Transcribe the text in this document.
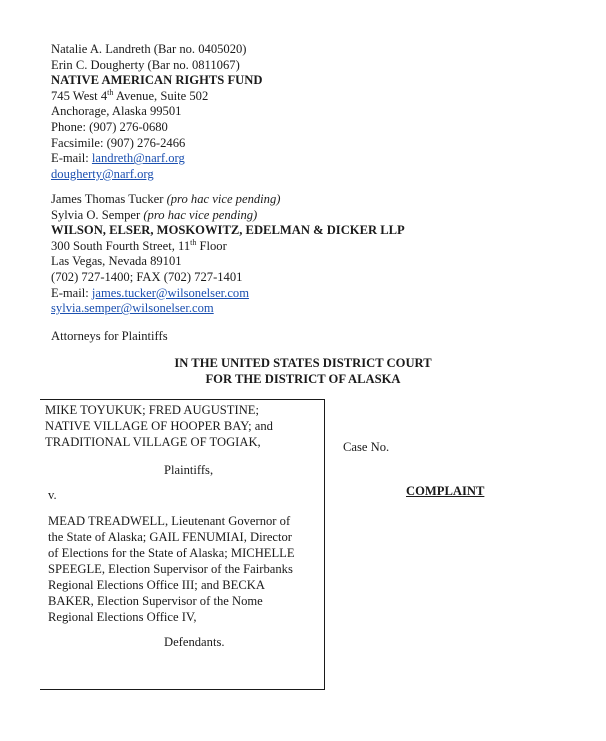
Natalie A. Landreth (Bar no. 0405020)
Erin C. Dougherty (Bar no. 0811067)
NATIVE AMERICAN RIGHTS FUND
745 West 4th Avenue, Suite 502
Anchorage, Alaska 99501
Phone: (907) 276-0680
Facsimile: (907) 276-2466
E-mail: landreth@narf.org
dougherty@narf.org
James Thomas Tucker (pro hac vice pending)
Sylvia O. Semper (pro hac vice pending)
WILSON, ELSER, MOSKOWITZ, EDELMAN & DICKER LLP
300 South Fourth Street, 11th Floor
Las Vegas, Nevada 89101
(702) 727-1400; FAX (702) 727-1401
E-mail: james.tucker@wilsonelser.com
sylvia.semper@wilsonelser.com
Attorneys for Plaintiffs
IN THE UNITED STATES DISTRICT COURT
FOR THE DISTRICT OF ALASKA
MIKE TOYUKUK; FRED AUGUSTINE;
NATIVE VILLAGE OF HOOPER BAY; and
TRADITIONAL VILLAGE OF TOGIAK,
Plaintiffs,
v.
MEAD TREADWELL, Lieutenant Governor of
the State of Alaska; GAIL FENUMIAI, Director
of Elections for the State of Alaska; MICHELLE
SPEEGLE, Election Supervisor of the Fairbanks
Regional Elections Office III; and BECKA
BAKER, Election Supervisor of the Nome
Regional Elections Office IV,
Defendants.
Case No.
COMPLAINT
